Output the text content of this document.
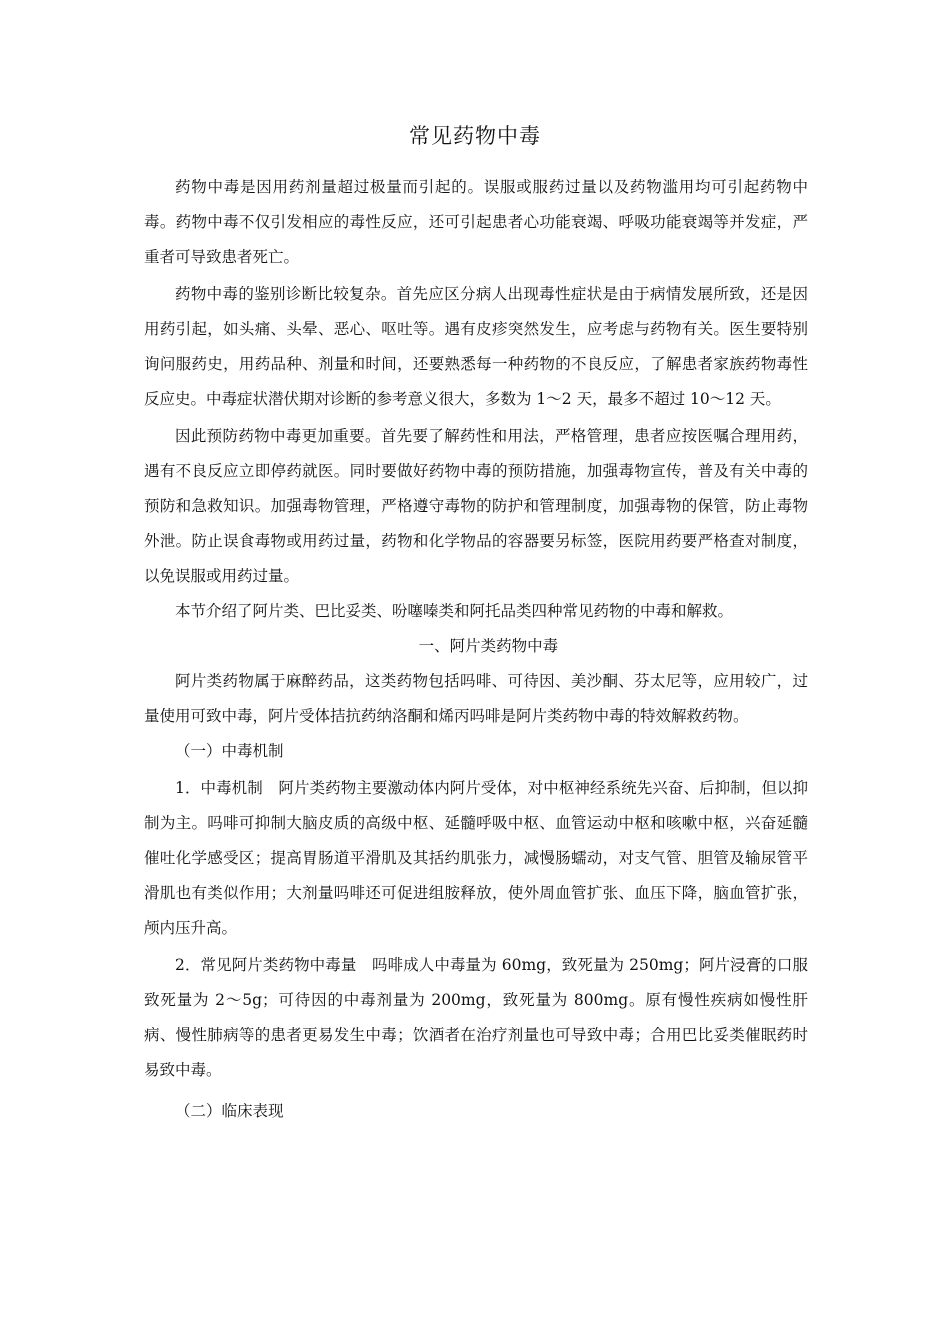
常见药物中毒

药物中毒是因用药剂量超过极量而引起的。误服或服药过量以及药物滥用均可引起药物中毒。药物中毒不仅引发相应的毒性反应，还可引起患者心功能衰竭、呼吸功能衰竭等并发症，严重者可导致患者死亡。

药物中毒的鉴别诊断比较复杂。首先应区分病人出现毒性症状是由于病情发展所致，还是因用药引起，如头痛、头晕、恶心、呕吐等。遇有皮疹突然发生，应考虑与药物有关。医生要特别询问服药史，用药品种、剂量和时间，还要熟悉每一种药物的不良反应，了解患者家族药物毒性反应史。中毒症状潜伏期对诊断的参考意义很大，多数为 1～2 天，最多不超过 10～12 天。

因此预防药物中毒更加重要。首先要了解药性和用法，严格管理，患者应按医嘱合理用药，遇有不良反应立即停药就医。同时要做好药物中毒的预防措施，加强毒物宣传，普及有关中毒的预防和急救知识。加强毒物管理，严格遵守毒物的防护和管理制度，加强毒物的保管，防止毒物外泄。防止误食毒物或用药过量，药物和化学物品的容器要另标签，医院用药要严格查对制度，以免误服或用药过量。

本节介绍了阿片类、巴比妥类、吩噻嗪类和阿托品类四种常见药物的中毒和解救。

一、阿片类药物中毒

阿片类药物属于麻醉药品，这类药物包括吗啡、可待因、美沙酮、芬太尼等，应用较广，过量使用可致中毒，阿片受体拮抗药纳洛酮和烯丙吗啡是阿片类药物中毒的特效解救药物。

（一）中毒机制

1．中毒机制　阿片类药物主要激动体内阿片受体，对中枢神经系统先兴奋、后抑制，但以抑制为主。吗啡可抑制大脑皮质的高级中枢、延髓呼吸中枢、血管运动中枢和咳嗽中枢，兴奋延髓催吐化学感受区；提高胃肠道平滑肌及其括约肌张力，减慢肠蠕动，对支气管、胆管及输尿管平滑肌也有类似作用；大剂量吗啡还可促进组胺释放，使外周血管扩张、血压下降，脑血管扩张，颅内压升高。

2．常见阿片类药物中毒量　吗啡成人中毒量为 60mg，致死量为 250mg；阿片浸膏的口服致死量为 2～5g；可待因的中毒剂量为 200mg，致死量为 800mg。原有慢性疾病如慢性肝病、慢性肺病等的患者更易发生中毒；饮酒者在治疗剂量也可导致中毒；合用巴比妥类催眠药时易致中毒。

（二）临床表现
